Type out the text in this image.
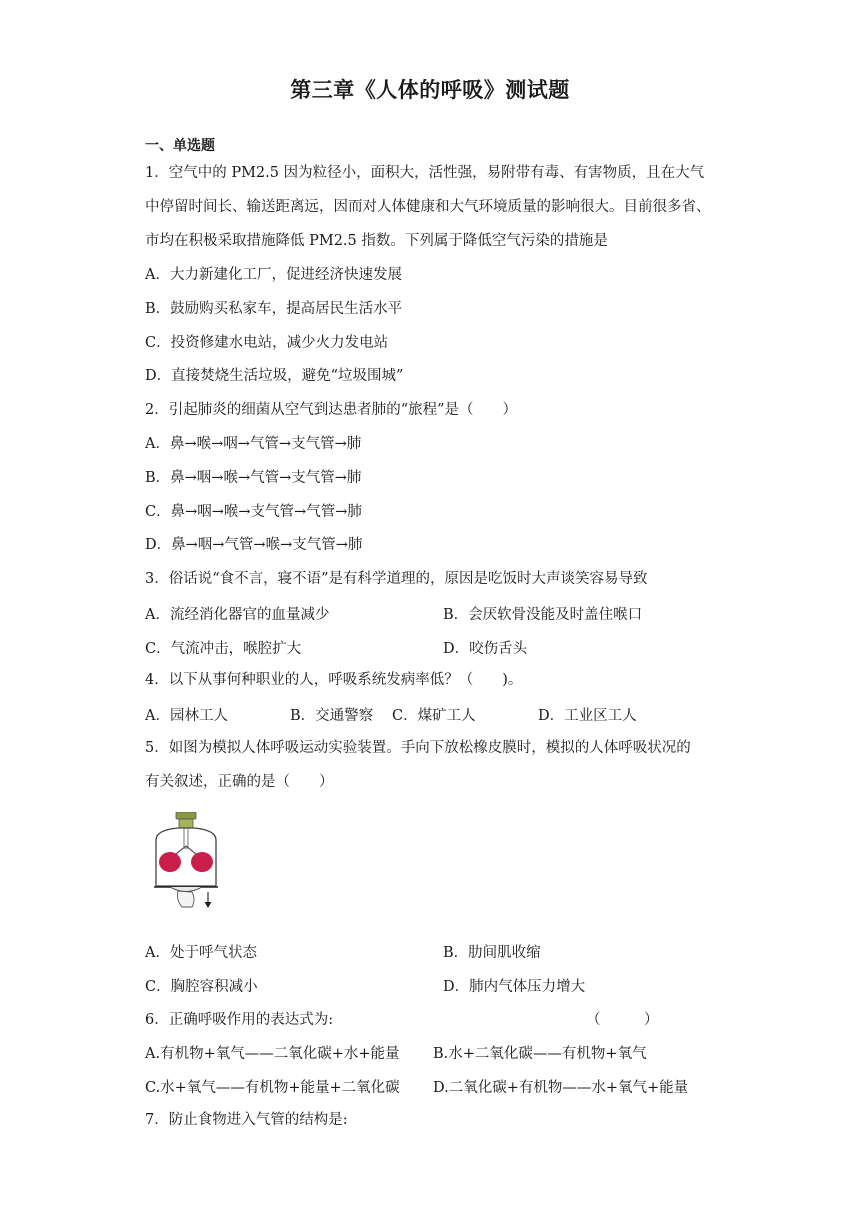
第三章《人体的呼吸》测试题
一、单选题
1．空气中的 PM2.5 因为粒径小，面积大，活性强，易附带有毒、有害物质，且在大气
中停留时间长、输送距离远，因而对人体健康和大气环境质量的影响很大。目前很多省、
市均在积极采取措施降低 PM2.5 指数。下列属于降低空气污染的措施是
A．大力新建化工厂，促进经济快速发展
B．鼓励购买私家车，提高居民生活水平
C．投资修建水电站，减少火力发电站
D．直接焚烧生活垃圾，避免“垃圾围城”
2．引起肺炎的细菌从空气到达患者肺的“旅程”是（　　）
A．鼻→喉→咽→气管→支气管→肺
B．鼻→咽→喉→气管→支气管→肺
C．鼻→咽→喉→支气管→气管→肺
D．鼻→咽→气管→喉→支气管→肺
3．俗话说“食不言，寝不语”是有科学道理的，原因是吃饭时大声谈笑容易导致
A．流经消化器官的血量减少	B．会厌软骨没能及时盖住喉口
C．气流冲击，喉腔扩大	D．咬伤舌头
4．以下从事何种职业的人，呼吸系统发病率低？（　　)。
A．园林工人	B．交通警察 C．煤矿工人	D．工业区工人
5．如图为模拟人体呼吸运动实验装置。手向下放松橡皮膜时，模拟的人体呼吸状况的
有关叙述，正确的是（　　）
A．处于呼气状态	B．肋间肌收缩
C．胸腔容积减小	D．肺内气体压力增大
6．正确呼吸作用的表达式为:	（　　　）
A.有机物+氧气——二氧化碳+水+能量 B.水+二氧化碳——有机物+氧气
C.水+氧气——有机物+能量+二氧化碳 D.二氧化碳+有机物——水+氧气+能量
7．防止食物进入气管的结构是:
